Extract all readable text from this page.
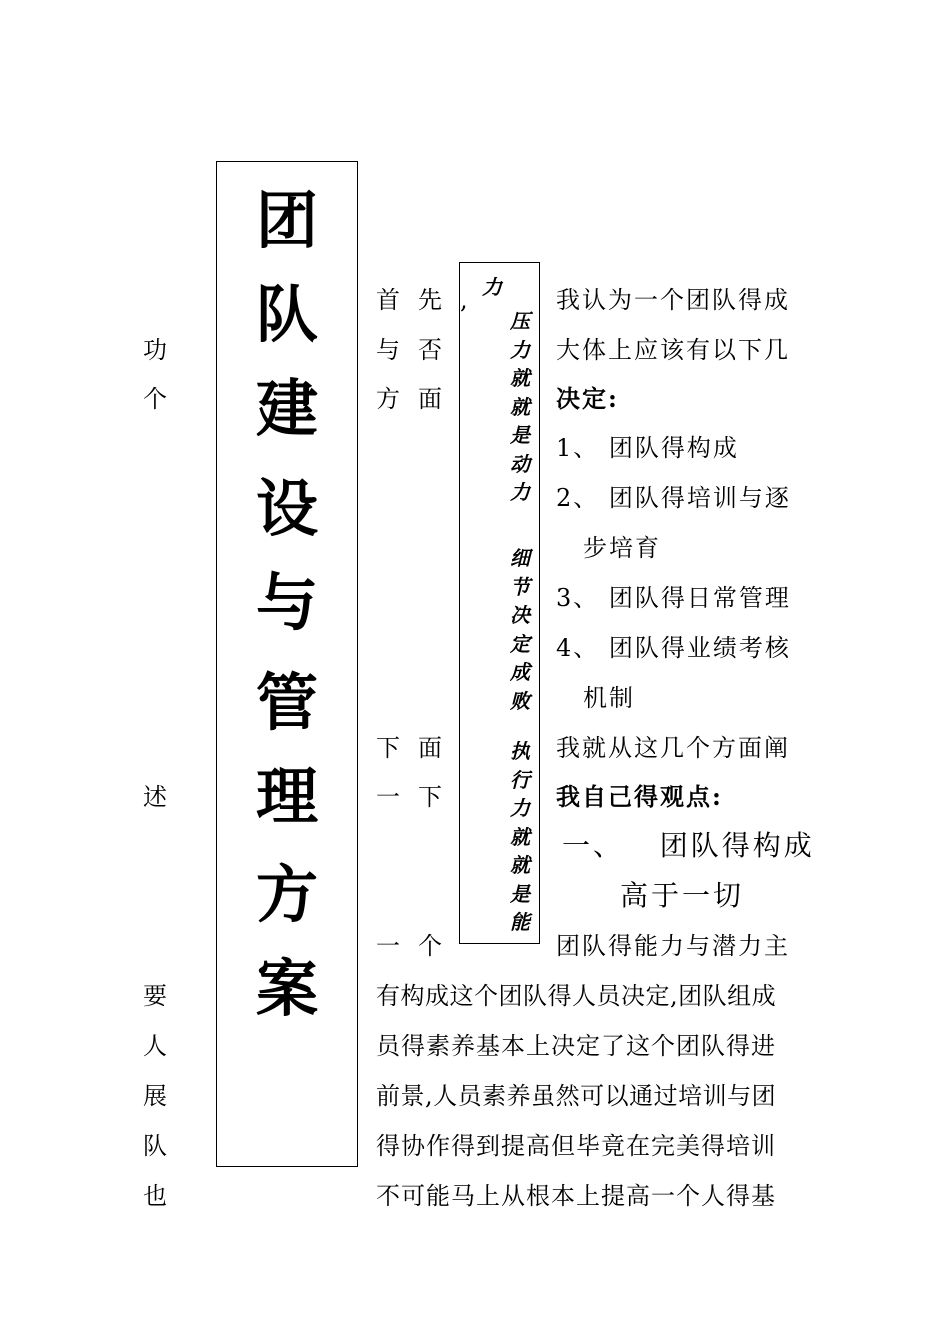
功
个
述
要
人
展
队
也
团
队
建
设
与
管
理
方
案
首先,
与否
方面
下面
一下
一个
力
压
力
就
就
是
动
力
细
节
决
定
成
败
执
行
力
就
就
是
能
我认为一个团队得成
大体上应该有以下几
决定:
1、 团队得构成
2、 团队得培训与逐
步培育
3、 团队得日常管理
4、 团队得业绩考核
机制
我就从这几个方面阐
我自己得观点:
一、   团队得构成
高于一切
团队得能力与潜力主
有构成这个团队得人员决定,团队组成
员得素养基本上决定了这个团队得进
前景,人员素养虽然可以通过培训与团
得协作得到提高但毕竟在完美得培训
不可能马上从根本上提高一个人得基
